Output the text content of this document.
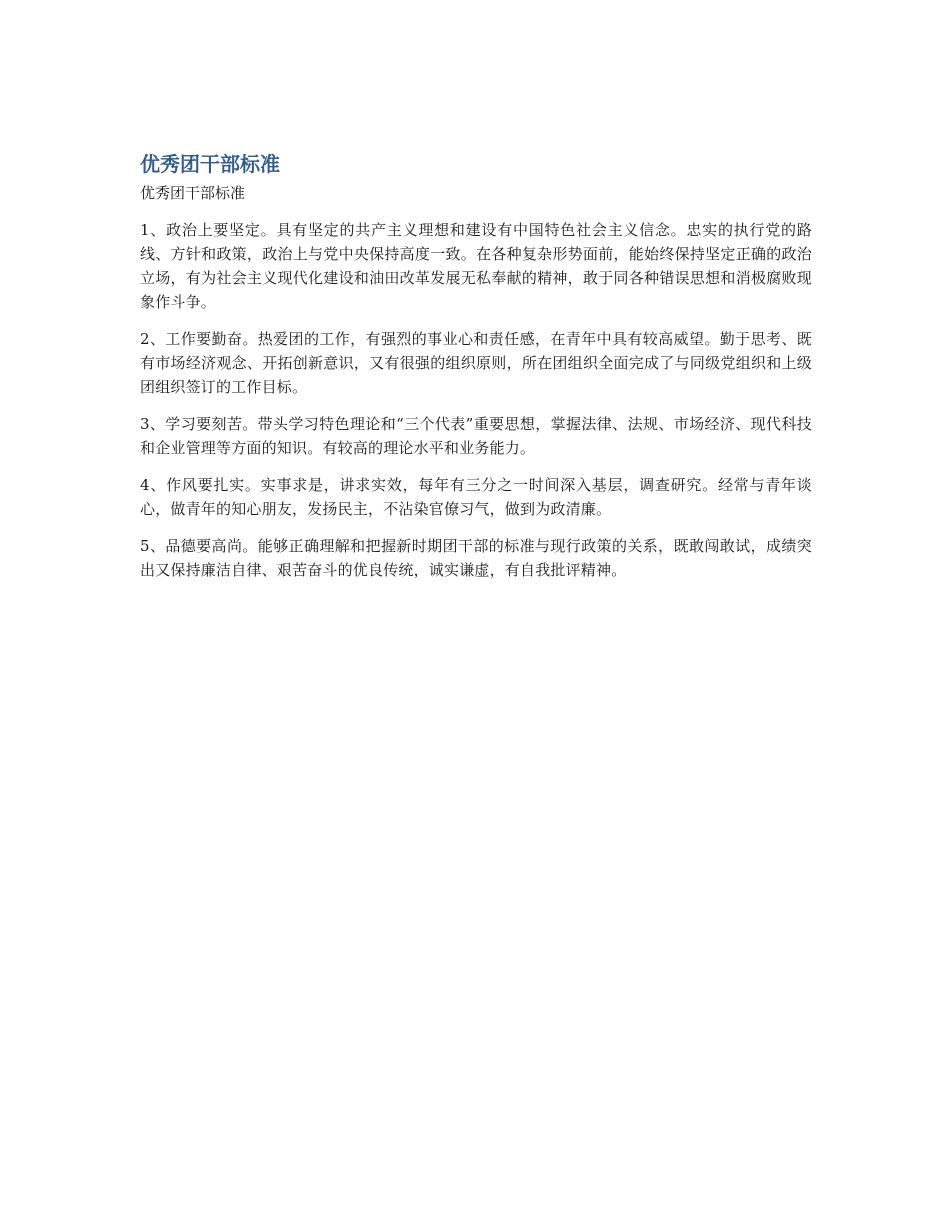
优秀团干部标准
优秀团干部标准

1、政治上要坚定。具有坚定的共产主义理想和建设有中国特色社会主义信念。忠实的执行党的路线、方针和政策，政治上与党中央保持高度一致。在各种复杂形势面前，能始终保持坚定正确的政治立场，有为社会主义现代化建设和油田改革发展无私奉献的精神，敢于同各种错误思想和消极腐败现象作斗争。

2、工作要勤奋。热爱团的工作，有强烈的事业心和责任感，在青年中具有较高威望。勤于思考、既有市场经济观念、开拓创新意识，又有很强的组织原则，所在团组织全面完成了与同级党组织和上级团组织签订的工作目标。

3、学习要刻苦。带头学习特色理论和“三个代表”重要思想，掌握法律、法规、市场经济、现代科技和企业管理等方面的知识。有较高的理论水平和业务能力。

4、作风要扎实。实事求是，讲求实效，每年有三分之一时间深入基层，调查研究。经常与青年谈心，做青年的知心朋友，发扬民主，不沾染官僚习气，做到为政清廉。

5、品德要高尚。能够正确理解和把握新时期团干部的标准与现行政策的关系，既敢闯敢试，成绩突出又保持廉洁自律、艰苦奋斗的优良传统，诚实谦虚，有自我批评精神。
